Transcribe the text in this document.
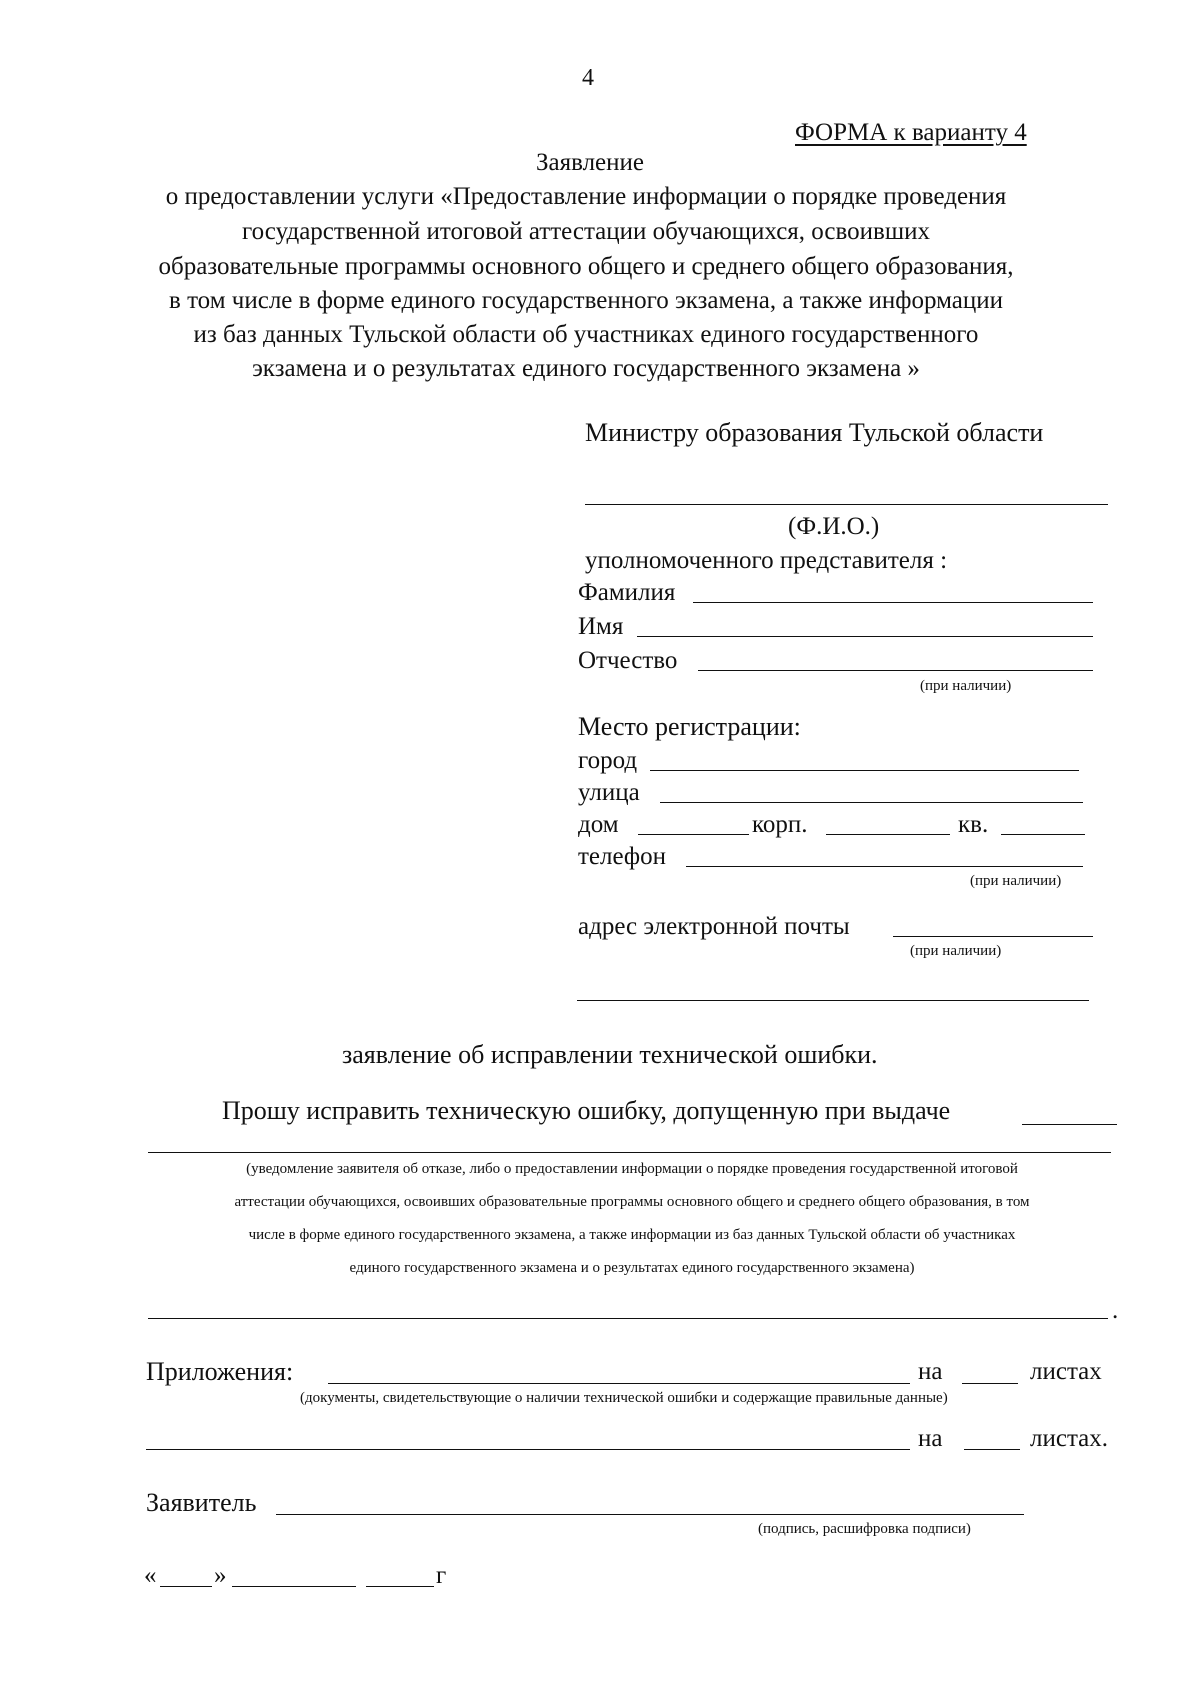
4
ФОРМА к варианту 4
Заявление
о предоставлении услуги «Предоставление информации о порядке проведения
государственной итоговой аттестации обучающихся, освоивших
образовательные программы основного общего и среднего общего образования,
в том числе в форме единого государственного экзамена, а также информации
из баз данных Тульской области об участниках единого государственного
экзамена и о результатах единого государственного экзамена »
Министру образования Тульской области
(Ф.И.О.)
уполномоченного представителя :
Фамилия
Имя
Отчество
(при наличии)
Место регистрации:
город
улица
дом	корп.	кв.
телефон
(при наличии)
адрес электронной почты
(при наличии)
заявление об исправлении технической ошибки.
Прошу исправить техническую ошибку, допущенную при выдаче
(уведомление заявителя об отказе, либо о предоставлении информации о порядке проведения государственной итоговой
аттестации обучающихся, освоивших образовательные программы основного общего и среднего общего образования, в том
числе в форме единого государственного экзамена, а также информации из баз данных Тульской области об участниках
единого государственного экзамена и о результатах единого государственного экзамена)
.
Приложения:	на	листах
(документы, свидетельствующие о наличии технической ошибки и содержащие правильные данные)
на	листах.
Заявитель
(подпись, расшифровка подписи)
« »	г
